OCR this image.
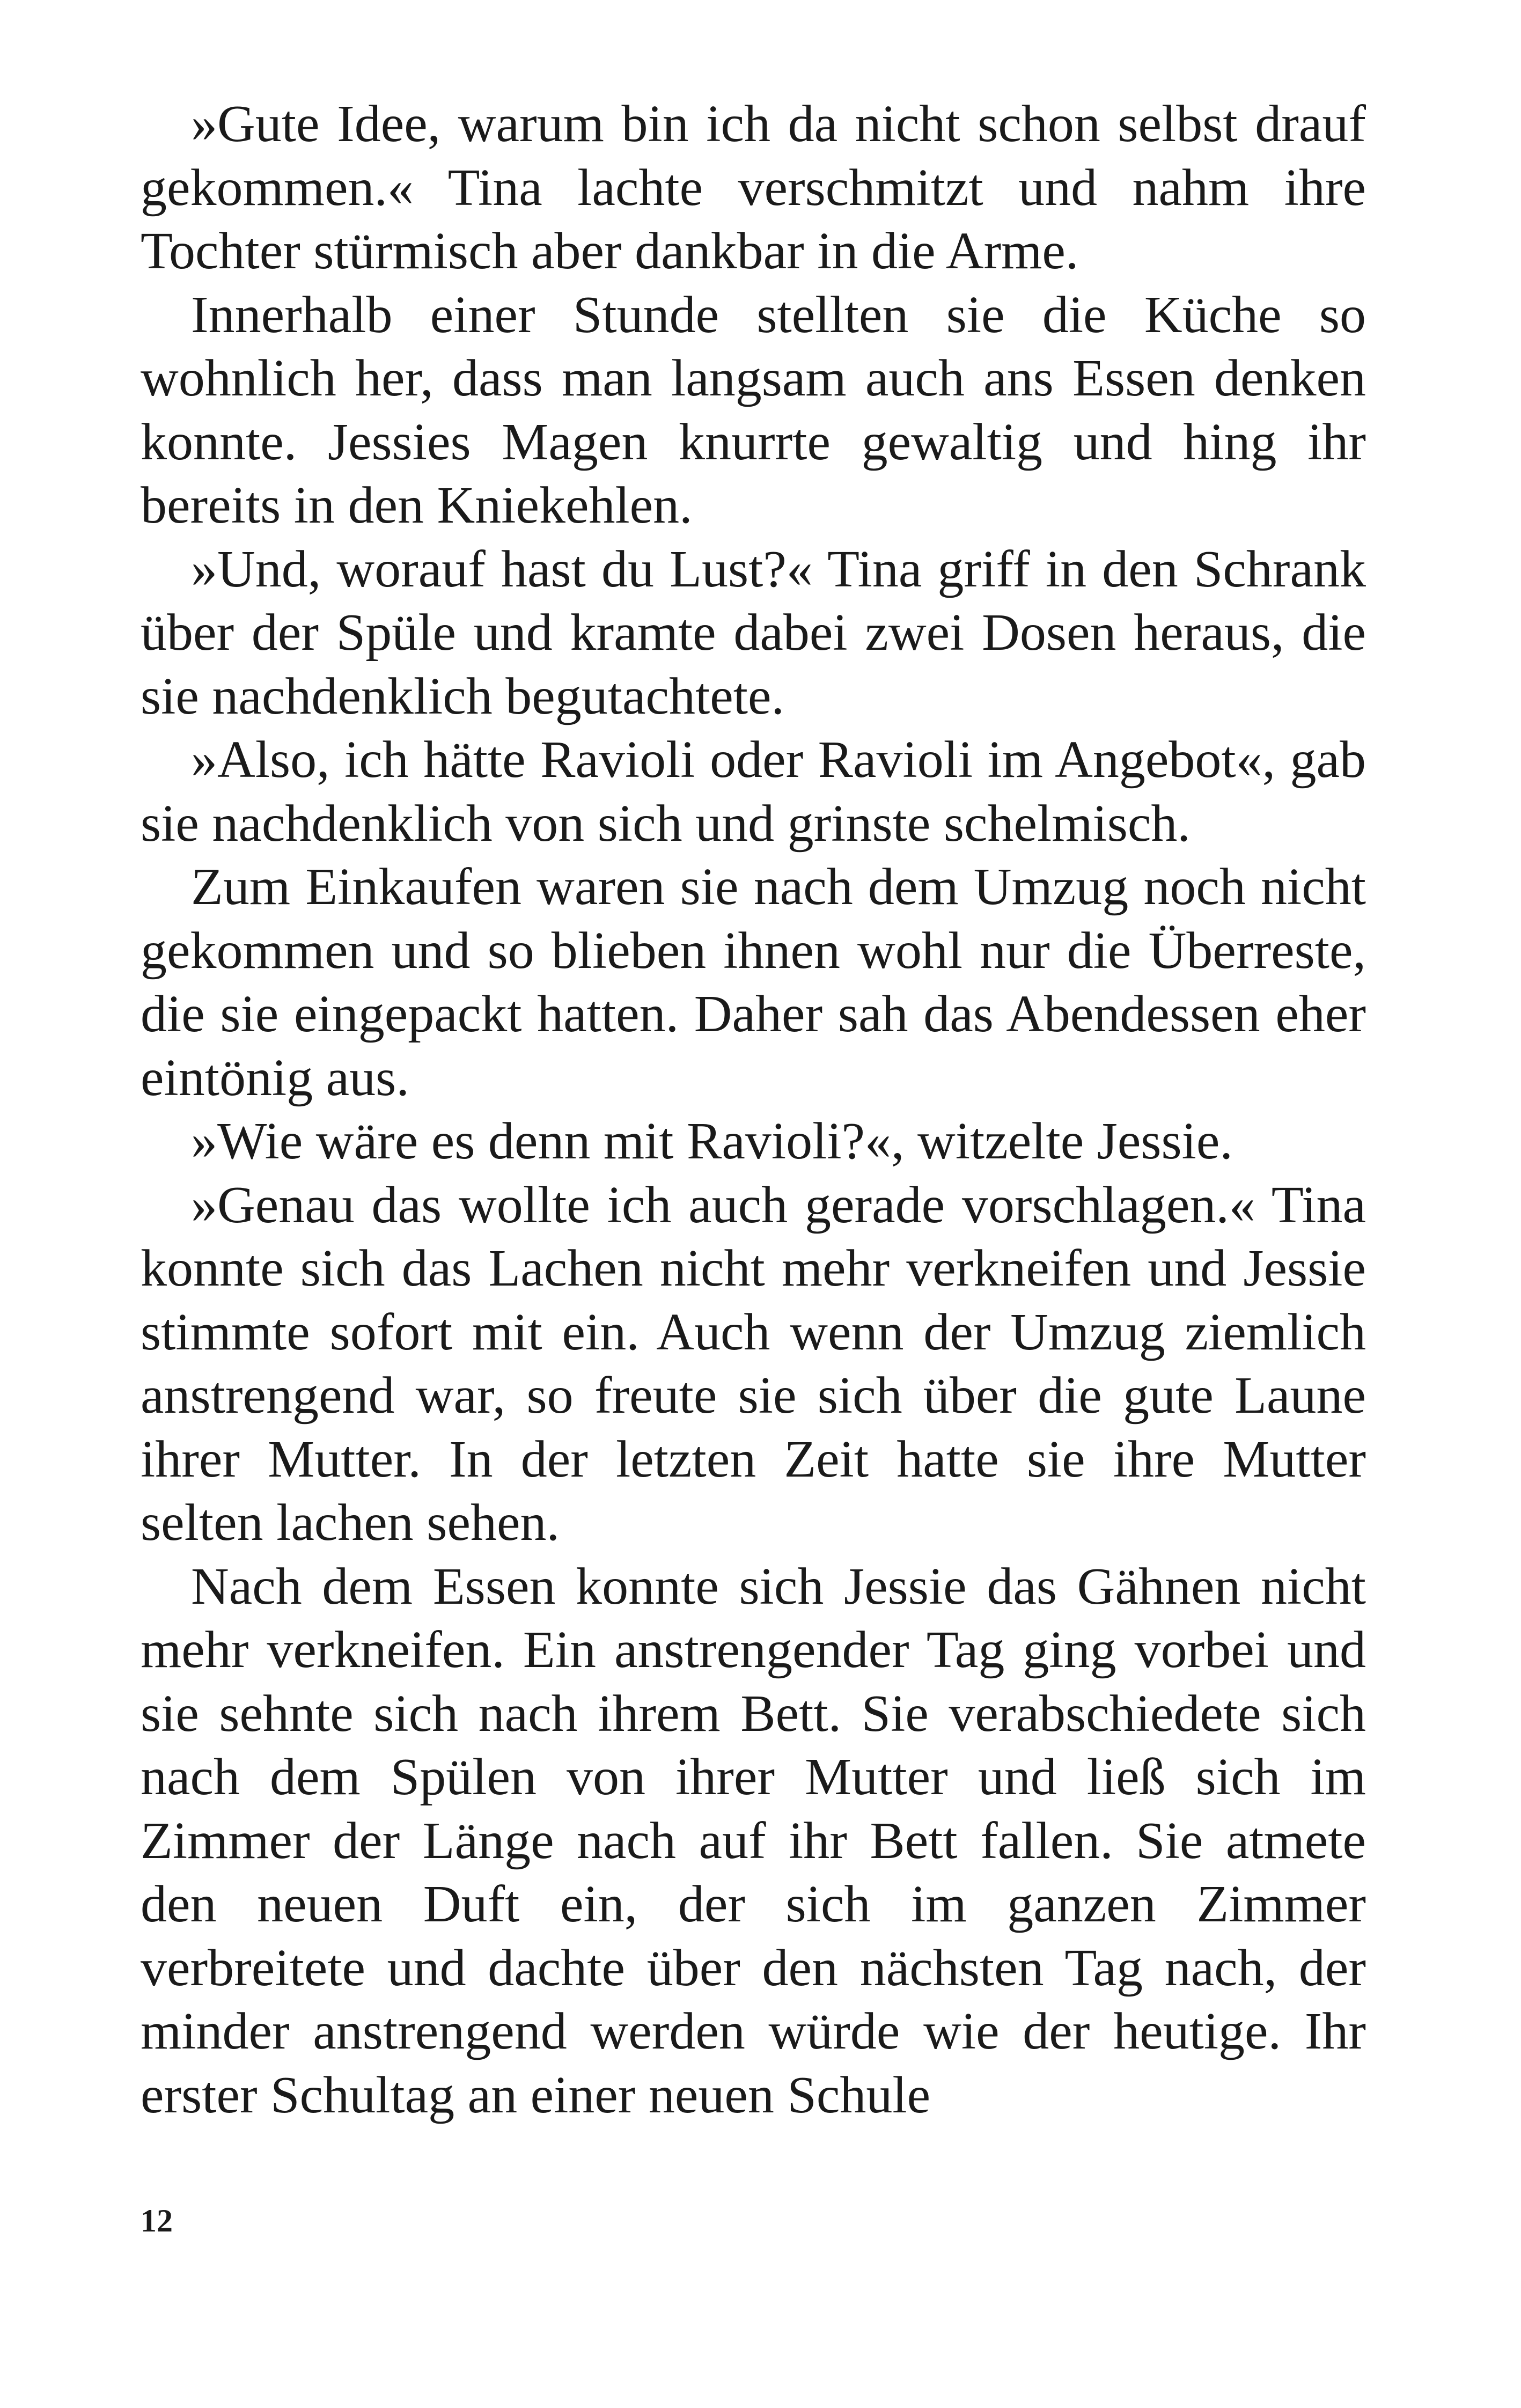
»Gute Idee, warum bin ich da nicht schon selbst drauf gekommen.« Tina lachte verschmitzt und nahm ihre Tochter stürmisch aber dankbar in die Arme.

Innerhalb einer Stunde stellten sie die Küche so wohnlich her, dass man langsam auch ans Essen denken konnte. Jessies Magen knurrte gewaltig und hing ihr bereits in den Kniekehlen.

»Und, worauf hast du Lust?« Tina griff in den Schrank über der Spüle und kramte dabei zwei Dosen heraus, die sie nachdenklich begutachtete.

»Also, ich hätte Ravioli oder Ravioli im Angebot«, gab sie nachdenklich von sich und grinste schelmisch.

Zum Einkaufen waren sie nach dem Umzug noch nicht gekommen und so blieben ihnen wohl nur die Überreste, die sie eingepackt hatten. Daher sah das Abendessen eher eintönig aus.

»Wie wäre es denn mit Ravioli?«, witzelte Jessie.

»Genau das wollte ich auch gerade vorschlagen.« Tina konnte sich das Lachen nicht mehr verkneifen und Jessie stimmte sofort mit ein. Auch wenn der Umzug ziemlich anstrengend war, so freute sie sich über die gute Laune ihrer Mutter. In der letzten Zeit hatte sie ihre Mutter selten lachen sehen.

Nach dem Essen konnte sich Jessie das Gähnen nicht mehr verkneifen. Ein anstrengender Tag ging vorbei und sie sehnte sich nach ihrem Bett. Sie verabschiedete sich nach dem Spülen von ihrer Mutter und ließ sich im Zimmer der Länge nach auf ihr Bett fallen. Sie atmete den neuen Duft ein, der sich im ganzen Zimmer verbreitete und dachte über den nächsten Tag nach, der minder anstrengend werden würde wie der heutige. Ihr erster Schultag an einer neuen Schule

12
